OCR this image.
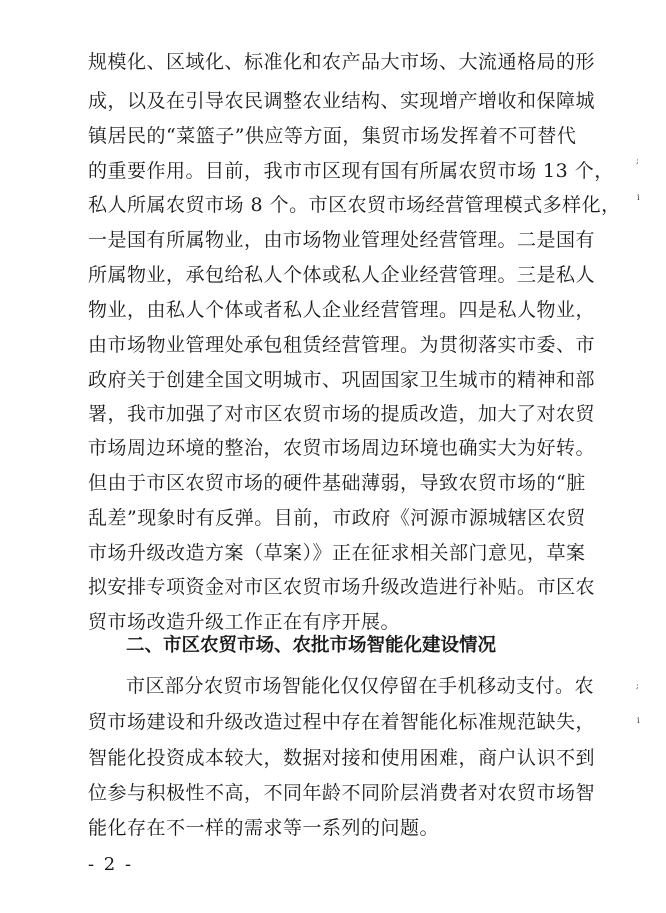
规模化、区域化、标准化和农产品大市场、大流通格局的形
成，以及在引导农民调整农业结构、实现增产增收和保障城
镇居民的“菜篮子”供应等方面，集贸市场发挥着不可替代
的重要作用。目前，我市市区现有国有所属农贸市场 13 个，
私人所属农贸市场 8 个。市区农贸市场经营管理模式多样化，
一是国有所属物业，由市场物业管理处经营管理。二是国有
所属物业，承包给私人个体或私人企业经营管理。三是私人
物业，由私人个体或者私人企业经营管理。四是私人物业，
由市场物业管理处承包租赁经营管理。为贯彻落实市委、市
政府关于创建全国文明城市、巩固国家卫生城市的精神和部
署，我市加强了对市区农贸市场的提质改造，加大了对农贸
市场周边环境的整治，农贸市场周边环境也确实大为好转。
但由于市区农贸市场的硬件基础薄弱，导致农贸市场的“脏
乱差”现象时有反弹。目前，市政府《河源市源城辖区农贸
市场升级改造方案（草案）》正在征求相关部门意见，草案
拟安排专项资金对市区农贸市场升级改造进行补贴。市区农
贸市场改造升级工作正在有序开展。
二、市区农贸市场、农批市场智能化建设情况
市区部分农贸市场智能化仅仅停留在手机移动支付。农
贸市场建设和升级改造过程中存在着智能化标准规范缺失，
智能化投资成本较大，数据对接和使用困难，商户认识不到
位参与积极性不高，不同年龄不同阶层消费者对农贸市场智
能化存在不一样的需求等一系列的问题。
- 2 -
;
i
;
i
